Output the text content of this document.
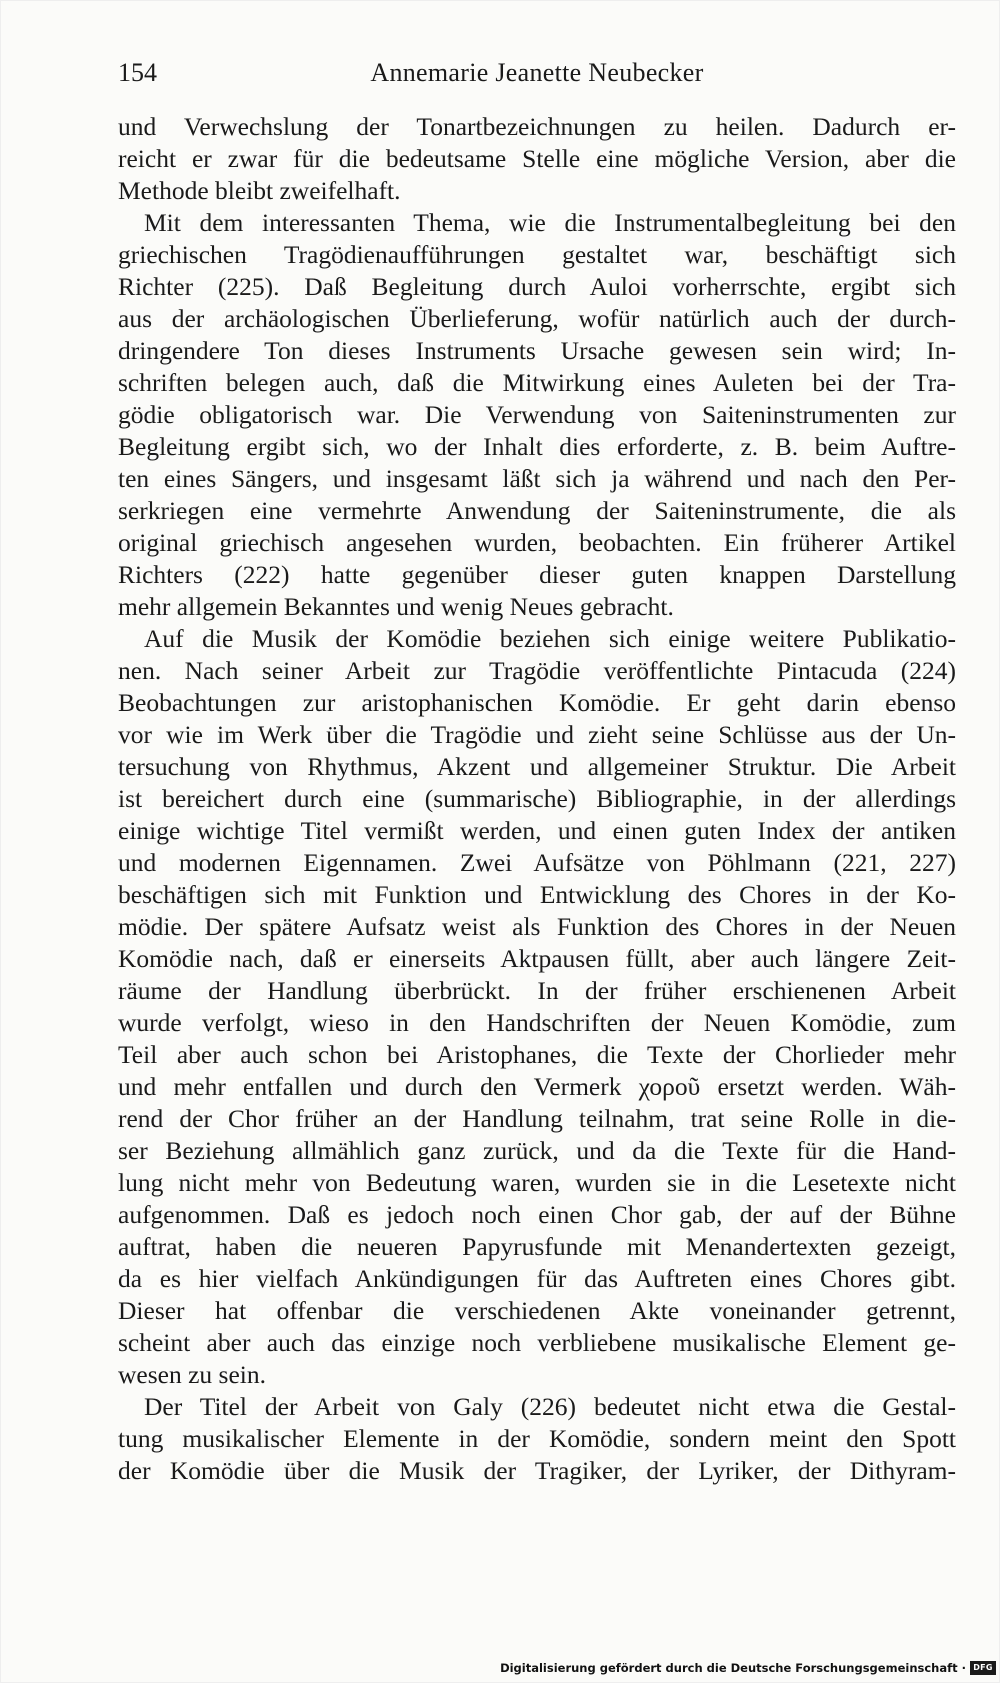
154	Annemarie Jeanette Neubecker
und Verwechslung der Tonartbezeichnungen zu heilen. Dadurch er-
reicht er zwar für die bedeutsame Stelle eine mögliche Version, aber die
Methode bleibt zweifelhaft.
Mit dem interessanten Thema, wie die Instrumentalbegleitung bei den
griechischen Tragödienaufführungen gestaltet war, beschäftigt sich
Richter (225). Daß Begleitung durch Auloi vorherrschte, ergibt sich
aus der archäologischen Überlieferung, wofür natürlich auch der durch-
dringendere Ton dieses Instruments Ursache gewesen sein wird; In-
schriften belegen auch, daß die Mitwirkung eines Auleten bei der Tra-
gödie obligatorisch war. Die Verwendung von Saiteninstrumenten zur
Begleitung ergibt sich, wo der Inhalt dies erforderte, z. B. beim Auftre-
ten eines Sängers, und insgesamt läßt sich ja während und nach den Per-
serkriegen eine vermehrte Anwendung der Saiteninstrumente, die als
original griechisch angesehen wurden, beobachten. Ein früherer Artikel
Richters (222) hatte gegenüber dieser guten knappen Darstellung
mehr allgemein Bekanntes und wenig Neues gebracht.
Auf die Musik der Komödie beziehen sich einige weitere Publikatio-
nen. Nach seiner Arbeit zur Tragödie veröffentlichte Pintacuda (224)
Beobachtungen zur aristophanischen Komödie. Er geht darin ebenso
vor wie im Werk über die Tragödie und zieht seine Schlüsse aus der Un-
tersuchung von Rhythmus, Akzent und allgemeiner Struktur. Die Arbeit
ist bereichert durch eine (summarische) Bibliographie, in der allerdings
einige wichtige Titel vermißt werden, und einen guten Index der antiken
und modernen Eigennamen. Zwei Aufsätze von Pöhlmann (221, 227)
beschäftigen sich mit Funktion und Entwicklung des Chores in der Ko-
mödie. Der spätere Aufsatz weist als Funktion des Chores in der Neuen
Komödie nach, daß er einerseits Aktpausen füllt, aber auch längere Zeit-
räume der Handlung überbrückt. In der früher erschienenen Arbeit
wurde verfolgt, wieso in den Handschriften der Neuen Komödie, zum
Teil aber auch schon bei Aristophanes, die Texte der Chorlieder mehr
und mehr entfallen und durch den Vermerk χοροῦ ersetzt werden. Wäh-
rend der Chor früher an der Handlung teilnahm, trat seine Rolle in die-
ser Beziehung allmählich ganz zurück, und da die Texte für die Hand-
lung nicht mehr von Bedeutung waren, wurden sie in die Lesetexte nicht
aufgenommen. Daß es jedoch noch einen Chor gab, der auf der Bühne
auftrat, haben die neueren Papyrusfunde mit Menandertexten gezeigt,
da es hier vielfach Ankündigungen für das Auftreten eines Chores gibt.
Dieser hat offenbar die verschiedenen Akte voneinander getrennt,
scheint aber auch das einzige noch verbliebene musikalische Element ge-
wesen zu sein.
Der Titel der Arbeit von Galy (226) bedeutet nicht etwa die Gestal-
tung musikalischer Elemente in der Komödie, sondern meint den Spott
der Komödie über die Musik der Tragiker, der Lyriker, der Dithyram-
Digitalisierung gefördert durch die Deutsche Forschungsgemeinschaft · DFG
